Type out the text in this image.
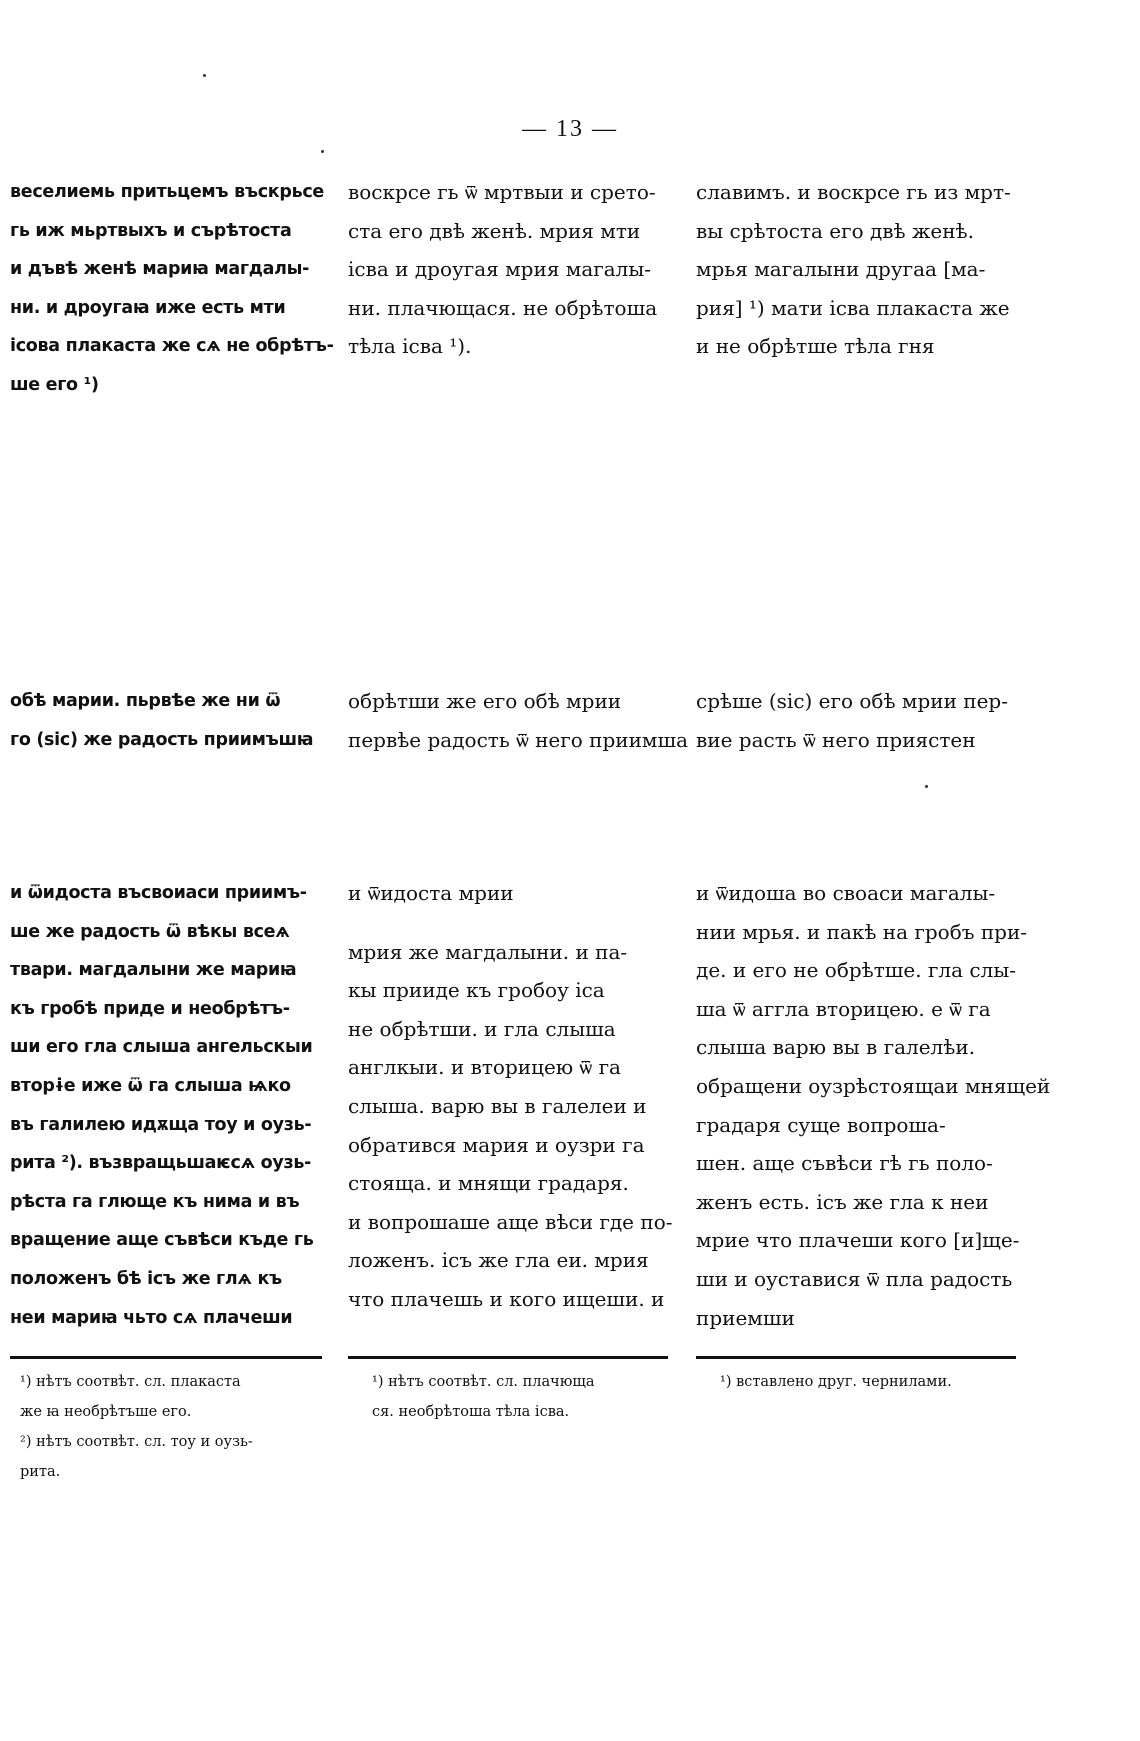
— 13 —
веселиемь притьцемъ въскрьсе
гь иж мьртвыхъ и сърѣтоста
и дъвѣ женѣ мариꙗ магдалы-
ни. и дроугаꙗ иже есть мти
ісова плакаста же сѧ не обрѣтъ-
ше его ¹)
обѣ марии. пьрвѣе же ни ѿ
го (sic) же радость приимъшꙗ
и ѿидоста въсвоиаси приимъ-
ше же радость ѿ вѣкы всеѧ
твари. магдалыни же мариꙗ
къ гробѣ приде и необрѣтъ-
ши его гла слыша ангельскыи
вторɨе иже ѿ га слыша ѩко
въ галилею идѫща тоу и оузь-
рита ²). възвращьшаѥсѧ оузь-
рѣста га глюще къ нима и въ
вращение аще съвѣси къде гь
положенъ бѣ ісъ же глѧ къ
неи мариꙗ чьто сѧ плачеши
¹) нѣтъ соотвѣт. сл. плакаста
же ꙗ необрѣтъше его.
²) нѣтъ соотвѣт. сл. тоу и оузь-
рита.
воскрсе гь ѿ мртвыи и срето-
ста его двѣ женѣ. мрия мти
ісва и дроугая мрия магалы-
ни. плачющася. не обрѣтоша
тѣла ісва ¹).
обрѣтши же его обѣ мрии
первѣе радость ѿ него приимша
и ѿидоста мрии
мрия же магдалыни. и па-
кы прииде къ гробоу іса
не обрѣтши. и гла слыша
англкыи. и вторицею ѿ га
слыша. варю вы в галелеи и
обратився мария и оузри га
стояща. и мнящи градаря.
и вопрошаше аще вѣси где по-
ложенъ. ісъ же гла еи. мрия
что плачешь и кого ищеши. и
¹) нѣтъ соотвѣт. сл. плачюща
ся. необрѣтоша тѣла ісва.
славимъ. и воскрсе гь из мрт-
вы срѣтоста его двѣ женѣ.
мрья магалыни другаа [ма-
рия] ¹) мати ісва плакаста же
и не обрѣтше тѣла гня
срѣше (sic) его обѣ мрии пер-
вие расть ѿ него приястен
и ѿидоша во своаси магалы-
нии мрья. и пакѣ на гробъ при-
де. и его не обрѣтше. гла слы-
ша ѿ аггла вторицею. е ѿ га
слыша варю вы в галелѣи.
обращени оузрѣстоящаи мнящей
градаря суще вопроша-
шен. аще съвѣси гѣ гь поло-
женъ есть. ісъ же гла к неи
мрие что плачеши кого [и]ще-
ши и оуставися ѿ пла радость
приемши
¹) вставлено друг. чернилами.
